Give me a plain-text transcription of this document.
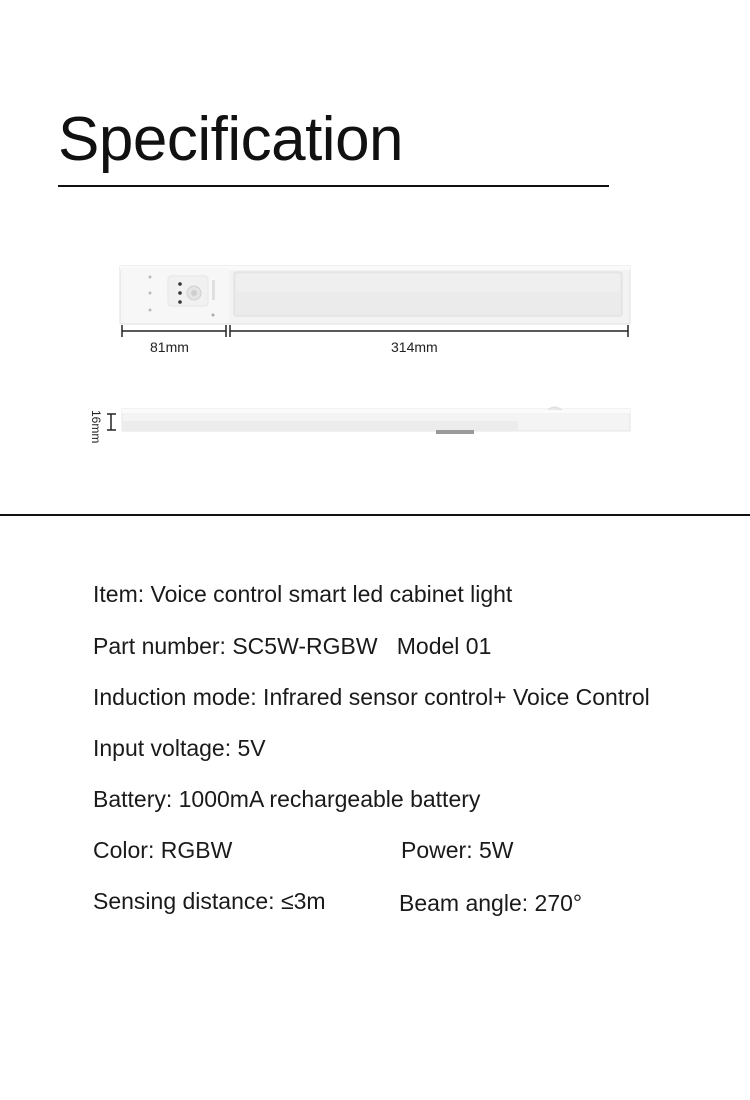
Specification
81mm	314mm
16mm
Item: Voice control smart led cabinet light
Part number: SC5W-RGBW   Model 01
Induction mode: Infrared sensor control+ Voice Control
Input voltage: 5V
Battery: 1000mA rechargeable battery
Color: RGBW	Power: 5W
Sensing distance: ≤3m	Beam angle: 270°
